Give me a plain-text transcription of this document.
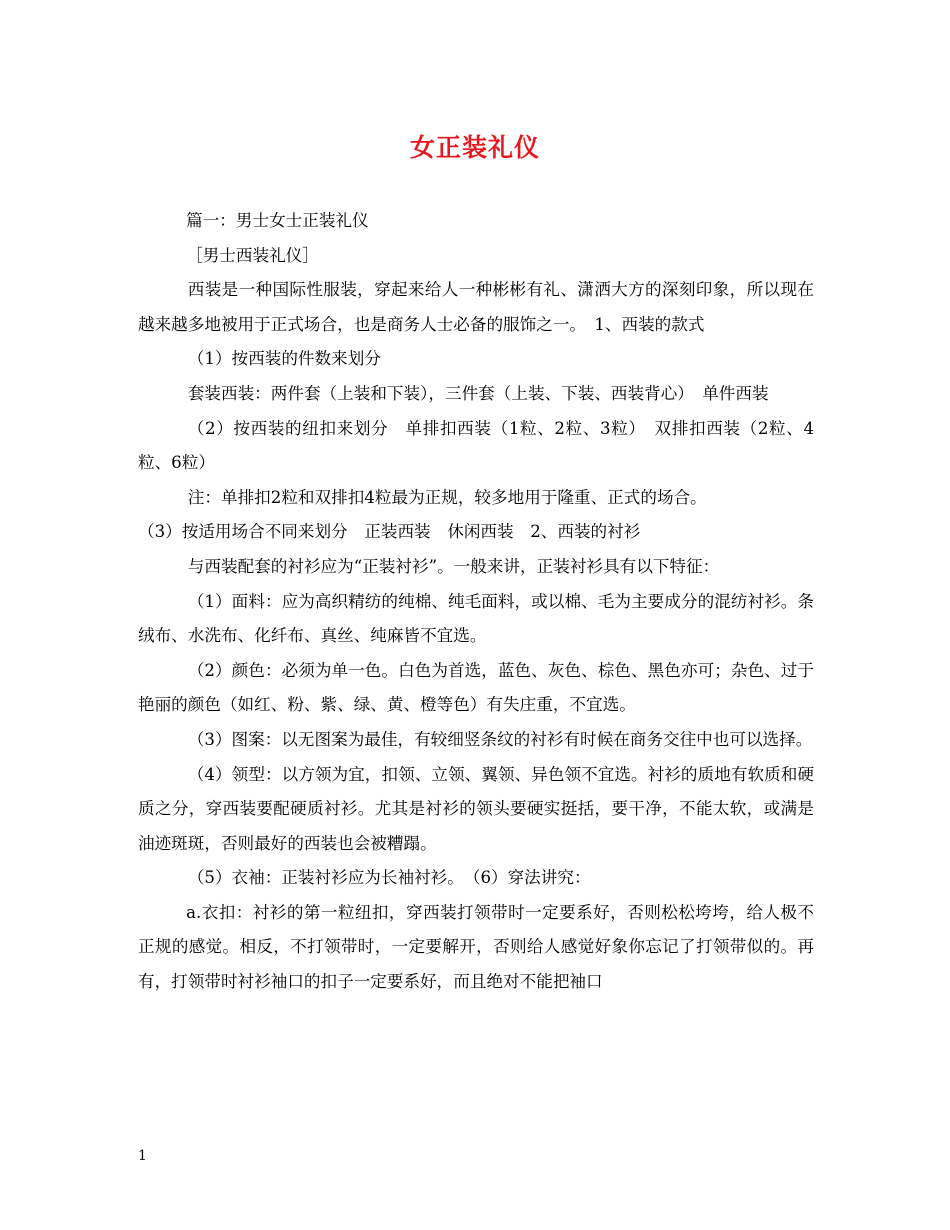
女正装礼仪

篇一：男士女士正装礼仪

［男士西装礼仪］

西装是一种国际性服装，穿起来给人一种彬彬有礼、潇洒大方的深刻印象，所以现在越来越多地被用于正式场合，也是商务人士必备的服饰之一。　1、西装的款式

（1）按西装的件数来划分

套装西装：两件套（上装和下装），三件套（上装、下装、西装背心）　单件西装

（2）按西装的纽扣来划分　单排扣西装（1粒、2粒、3粒）　双排扣西装（2粒、4粒、6粒）

注：单排扣2粒和双排扣4粒最为正规，较多地用于隆重、正式的场合。

（3）按适用场合不同来划分　正装西装　休闲西装　2、西装的衬衫

与西装配套的衬衫应为“正装衬衫”。一般来讲，正装衬衫具有以下特征：

（1）面料：应为高织精纺的纯棉、纯毛面料，或以棉、毛为主要成分的混纺衬衫。条绒布、水洗布、化纤布、真丝、纯麻皆不宜选。

（2）颜色：必须为单一色。白色为首选，蓝色、灰色、棕色、黑色亦可；杂色、过于艳丽的颜色（如红、粉、紫、绿、黄、橙等色）有失庄重，不宜选。

（3）图案：以无图案为最佳，有较细竖条纹的衬衫有时候在商务交往中也可以选择。

（4）领型：以方领为宜，扣领、立领、翼领、异色领不宜选。衬衫的质地有软质和硬质之分，穿西装要配硬质衬衫。尤其是衬衫的领头要硬实挺括，要干净，不能太软，或满是油迹斑斑，否则最好的西装也会被糟蹋。

（5）衣袖：正装衬衫应为长袖衬衫。　（6）穿法讲究：

a.衣扣：衬衫的第一粒纽扣，穿西装打领带时一定要系好，否则松松垮垮，给人极不正规的感觉。相反，不打领带时，一定要解开，否则给人感觉好象你忘记了打领带似的。再有，打领带时衬衫袖口的扣子一定要系好，而且绝对不能把袖口

1
